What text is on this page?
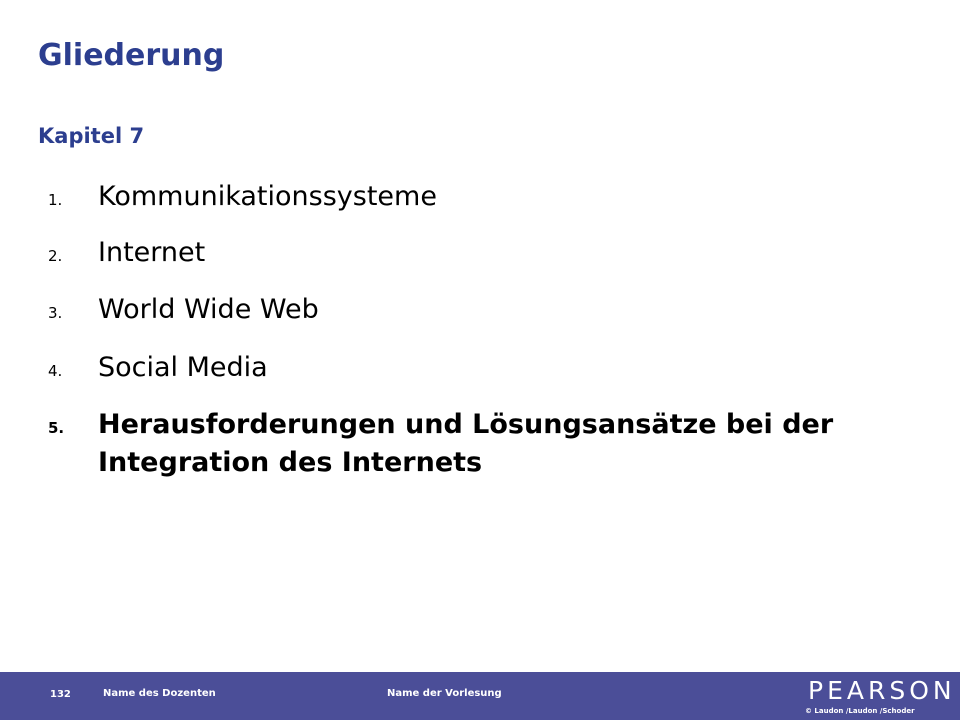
Gliederung
Kapitel 7
1. Kommunikationssysteme
2. Internet
3. World Wide Web
4. Social Media
5. Herausforderungen und Lösungsansätze bei der Integration des Internets
132	Name des Dozenten	Name der Vorlesung	PEARSON
© Laudon /Laudon /Schoder
